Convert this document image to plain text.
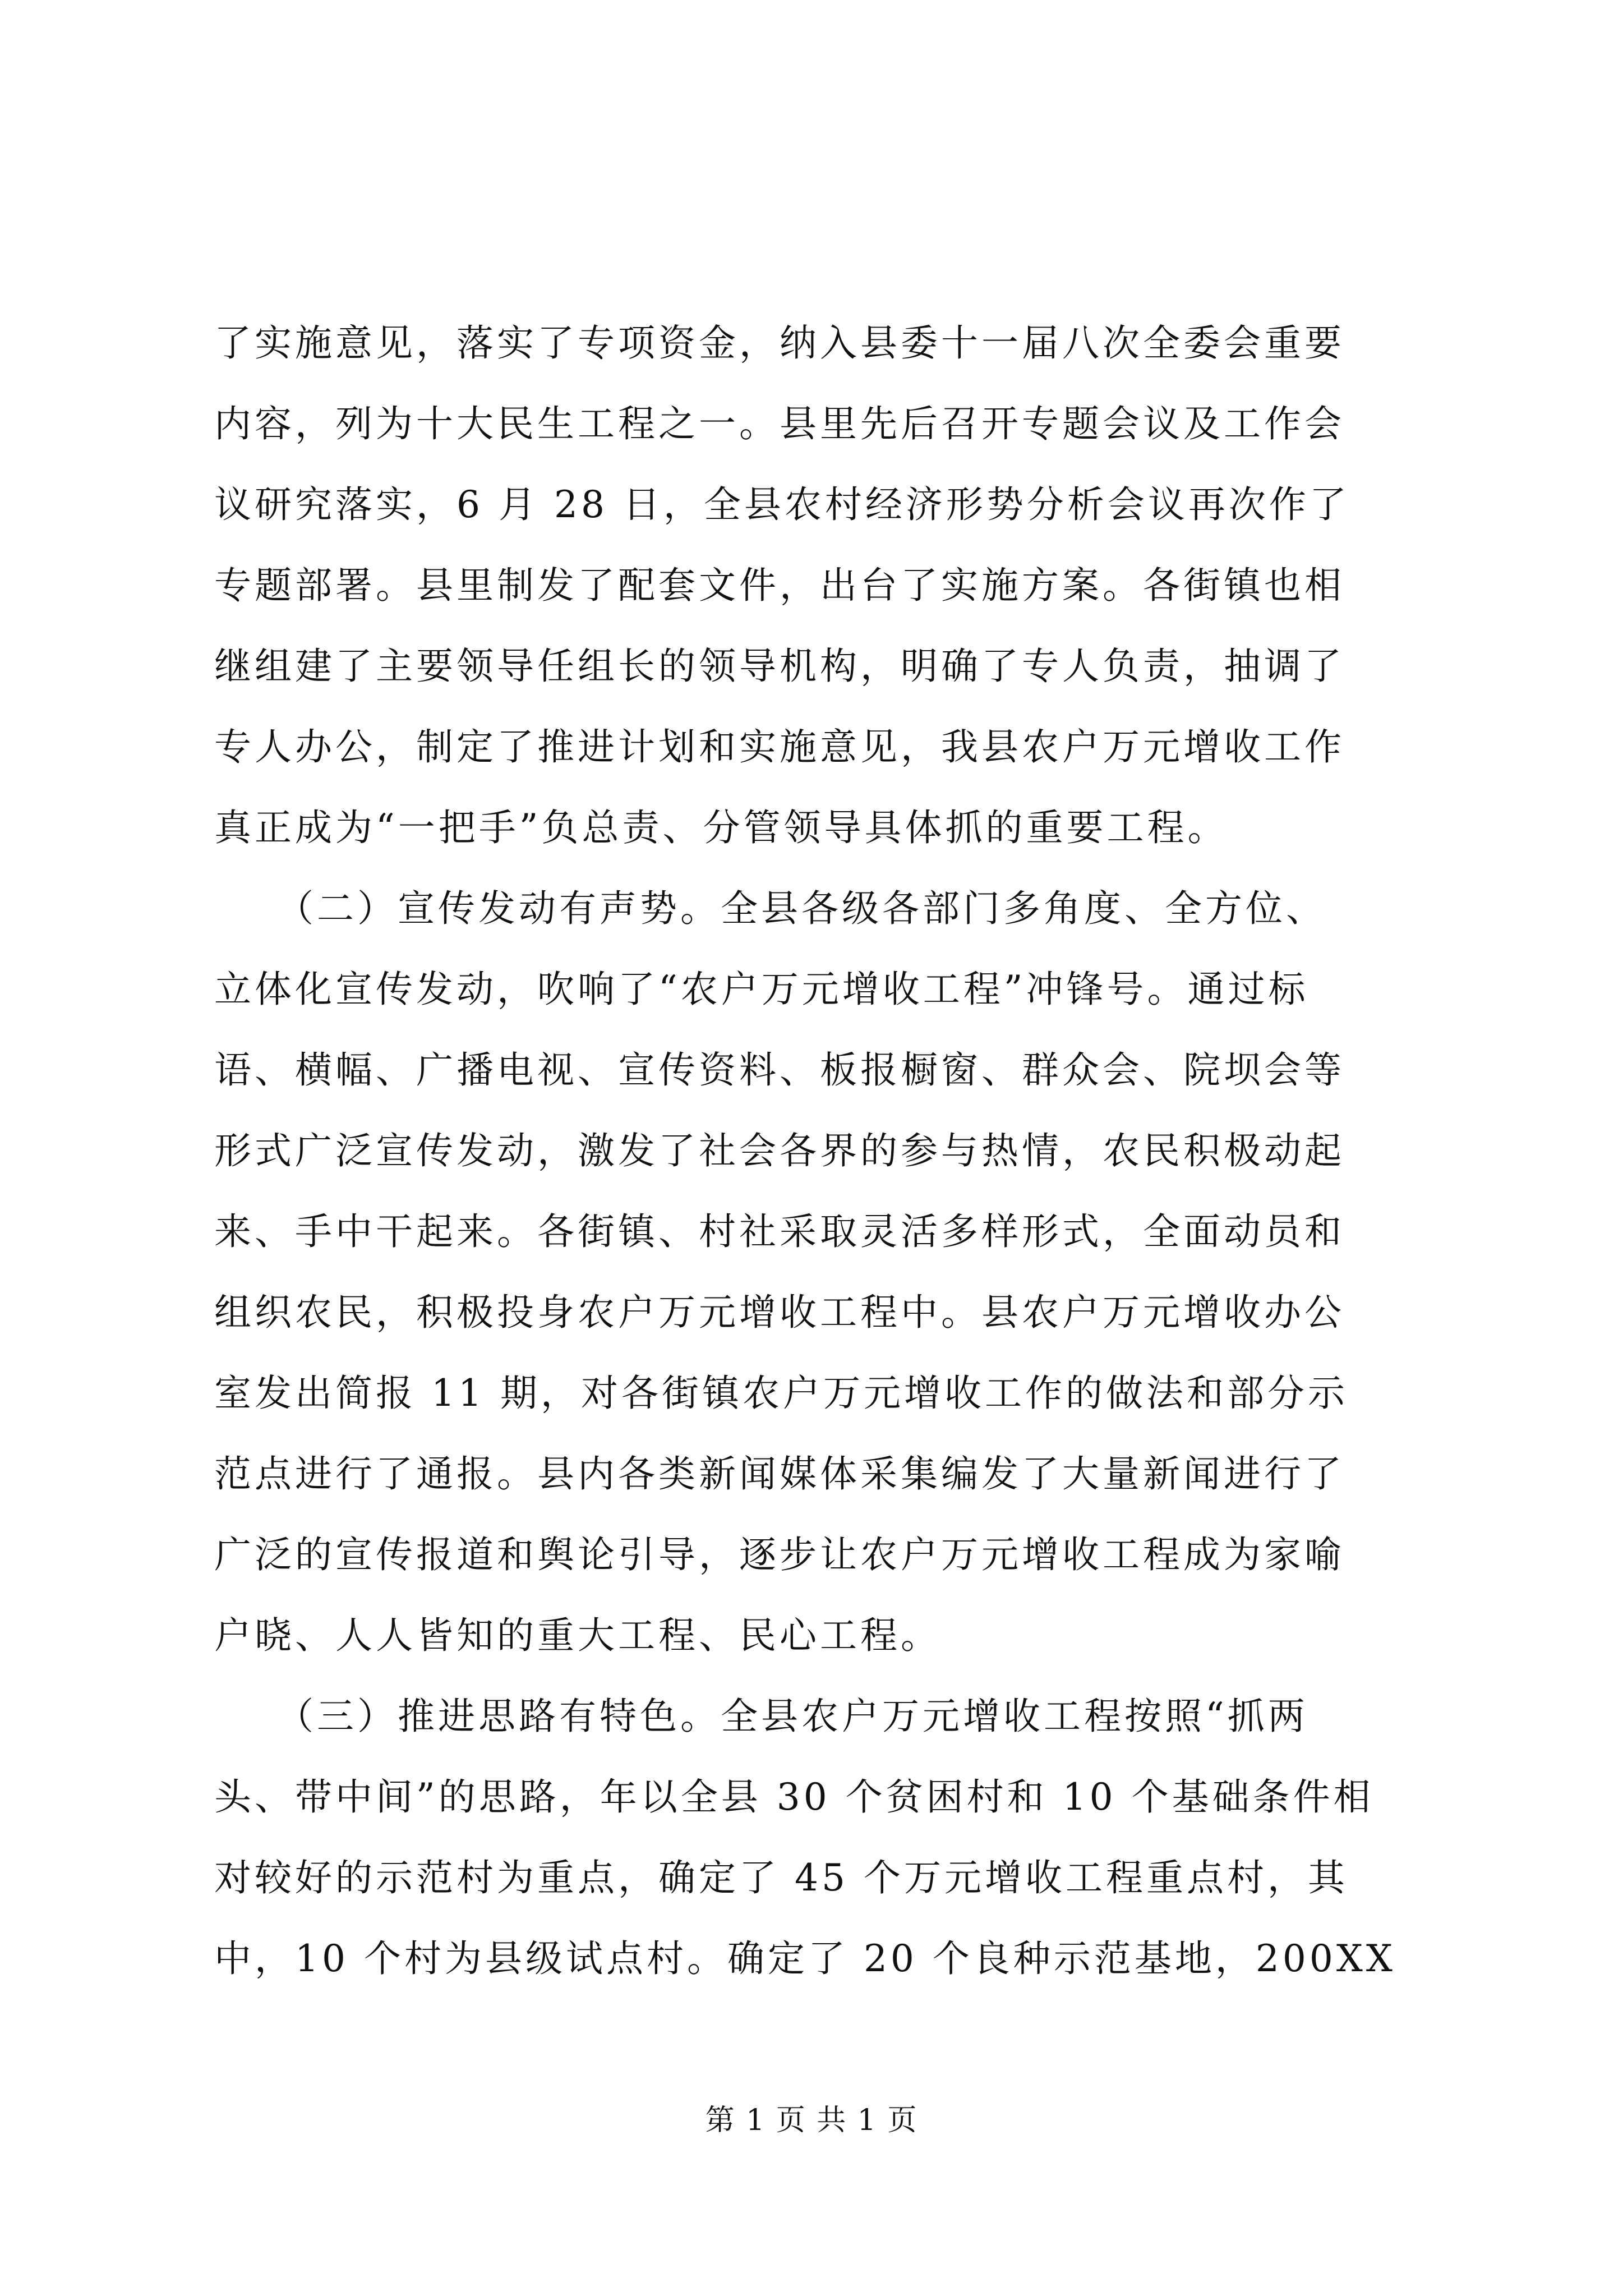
了实施意见，落实了专项资金，纳入县委十一届八次全委会重要
内容，列为十大民生工程之一。县里先后召开专题会议及工作会
议研究落实，6 月 28 日，全县农村经济形势分析会议再次作了
专题部署。县里制发了配套文件，出台了实施方案。各街镇也相
继组建了主要领导任组长的领导机构，明确了专人负责，抽调了
专人办公，制定了推进计划和实施意见，我县农户万元增收工作
真正成为“一把手”负总责、分管领导具体抓的重要工程。
　　（二）宣传发动有声势。全县各级各部门多角度、全方位、
立体化宣传发动，吹响了“农户万元增收工程”冲锋号。通过标
语、横幅、广播电视、宣传资料、板报橱窗、群众会、院坝会等
形式广泛宣传发动，激发了社会各界的参与热情，农民积极动起
来、手中干起来。各街镇、村社采取灵活多样形式，全面动员和
组织农民，积极投身农户万元增收工程中。县农户万元增收办公
室发出简报 11 期，对各街镇农户万元增收工作的做法和部分示
范点进行了通报。县内各类新闻媒体采集编发了大量新闻进行了
广泛的宣传报道和舆论引导，逐步让农户万元增收工程成为家喻
户晓、人人皆知的重大工程、民心工程。
　　（三）推进思路有特色。全县农户万元增收工程按照“抓两
头、带中间”的思路，年以全县 30 个贫困村和 10 个基础条件相
对较好的示范村为重点，确定了 45 个万元增收工程重点村，其
中，10 个村为县级试点村。确定了 20 个良种示范基地，200XX
第 1 页 共 1 页
